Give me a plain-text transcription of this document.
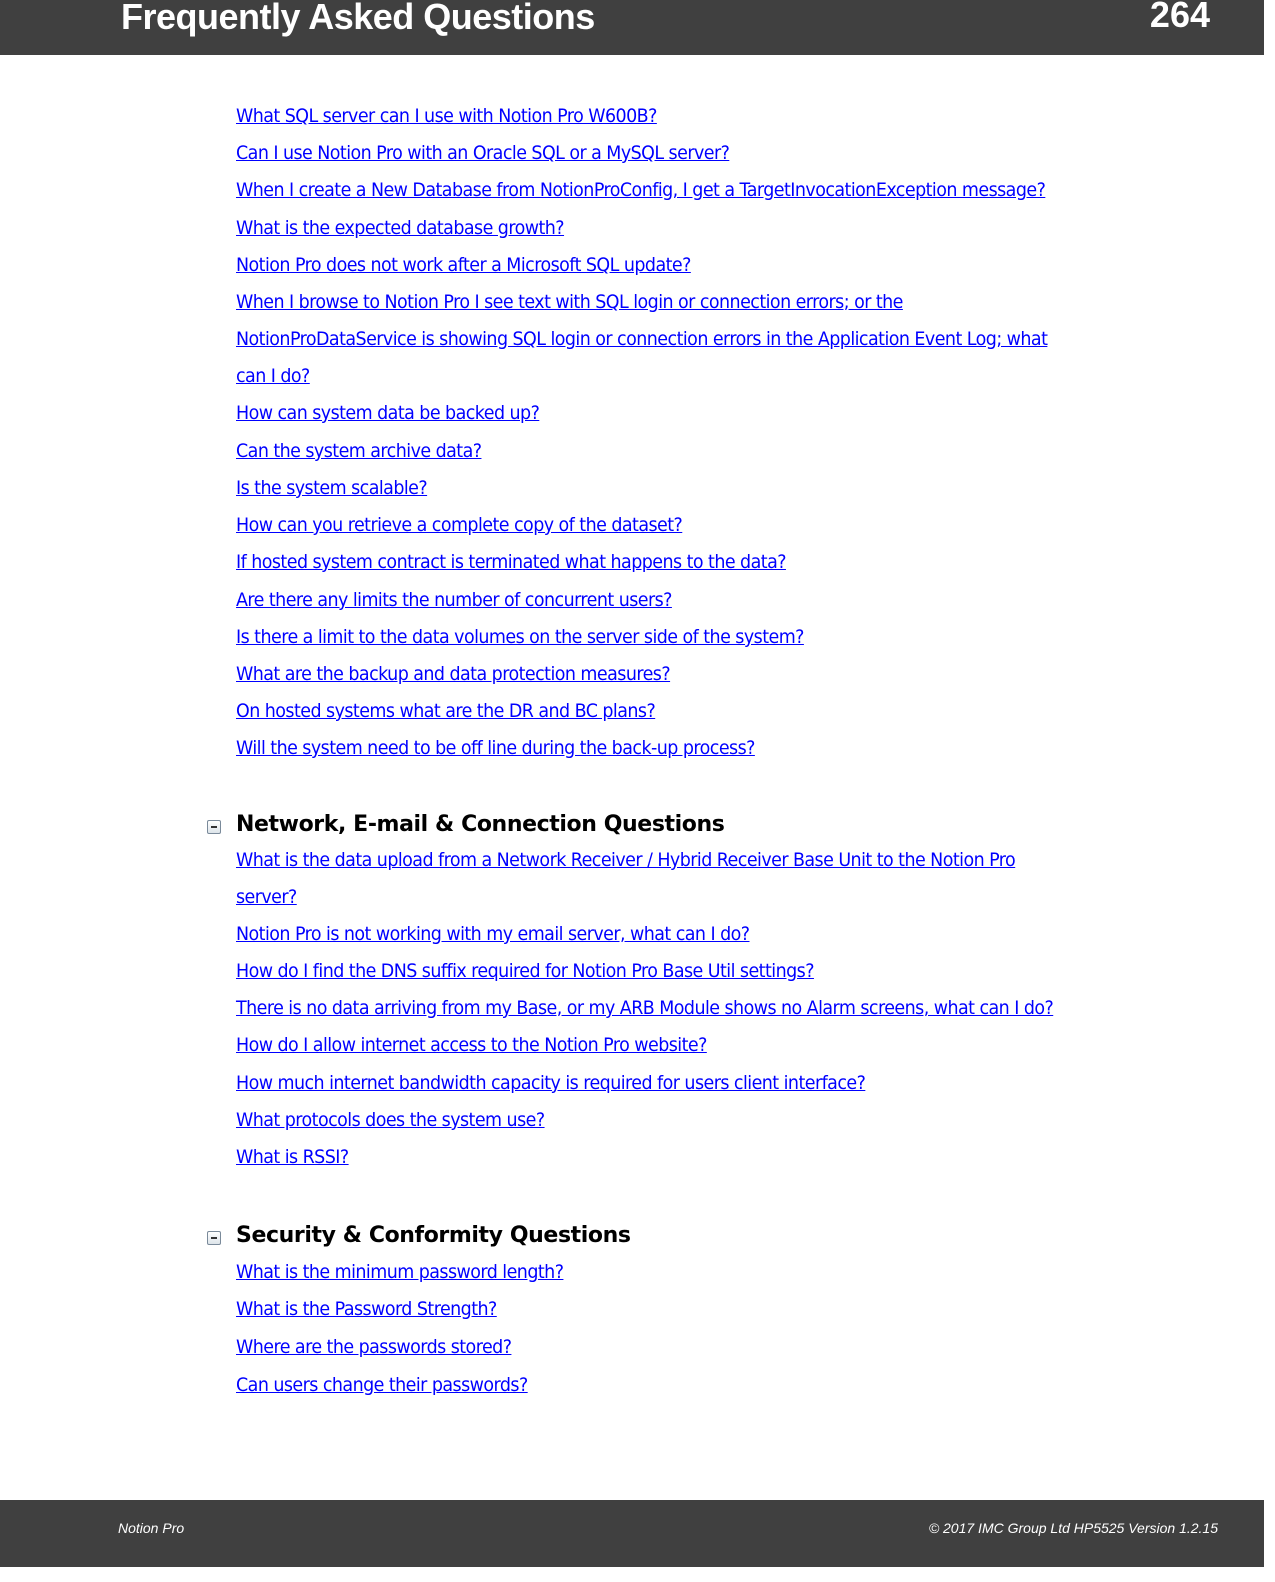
Frequently Asked Questions	264
What SQL server can I use with Notion Pro W600B?
Can I use Notion Pro with an Oracle SQL or a MySQL server?
When I create a New Database from NotionProConfig, I get a TargetInvocationException message?
What is the expected database growth?
Notion Pro does not work after a Microsoft SQL update?
When I browse to Notion Pro I see text with SQL login or connection errors; or the
NotionProDataService is showing SQL login or connection errors in the Application Event Log; what
can I do?
How can system data be backed up?
Can the system archive data?
Is the system scalable?
How can you retrieve a complete copy of the dataset?
If hosted system contract is terminated what happens to the data?
Are there any limits the number of concurrent users?
Is there a limit to the data volumes on the server side of the system?
What are the backup and data protection measures?
On hosted systems what are the DR and BC plans?
Will the system need to be off line during the back-up process?
Network, E-mail & Connection Questions
What is the data upload from a Network Receiver / Hybrid Receiver Base Unit to the Notion Pro
server?
Notion Pro is not working with my email server, what can I do?
How do I find the DNS suffix required for Notion Pro Base Util settings?
There is no data arriving from my Base, or my ARB Module shows no Alarm screens, what can I do?
How do I allow internet access to the Notion Pro website?
How much internet bandwidth capacity is required for users client interface?
What protocols does the system use?
What is RSSI?
Security & Conformity Questions
What is the minimum password length?
What is the Password Strength?
Where are the passwords stored?
Can users change their passwords?
Notion Pro	© 2017 IMC Group Ltd HP5525 Version 1.2.15
